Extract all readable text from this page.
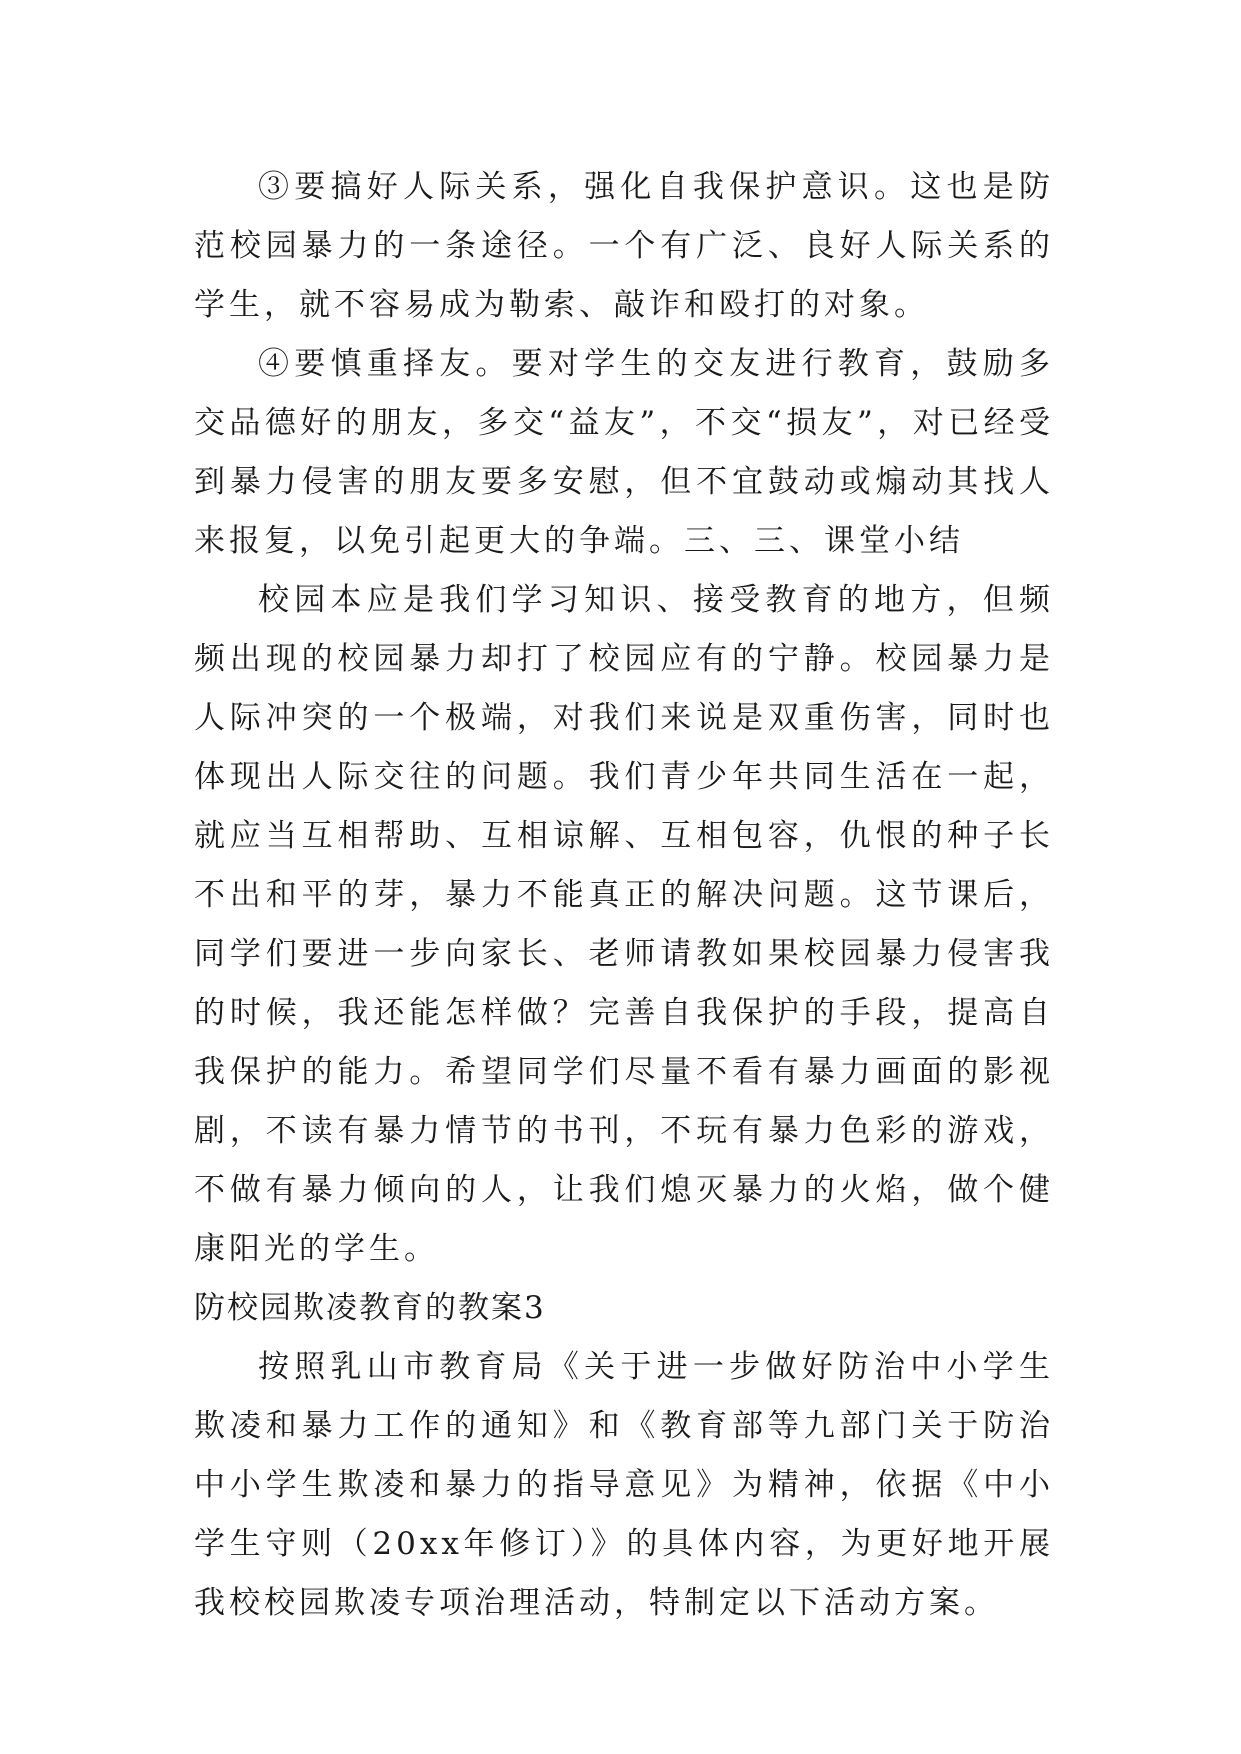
③要搞好人际关系，强化自我保护意识。这也是防范校园暴力的一条途径。一个有广泛、良好人际关系的学生，就不容易成为勒索、敲诈和殴打的对象。

④要慎重择友。要对学生的交友进行教育，鼓励多交品德好的朋友，多交“益友”，不交“损友”，对已经受到暴力侵害的朋友要多安慰，但不宜鼓动或煽动其找人来报复，以免引起更大的争端。三、三、课堂小结

校园本应是我们学习知识、接受教育的地方，但频频出现的校园暴力却打了校园应有的宁静。校园暴力是人际冲突的一个极端，对我们来说是双重伤害，同时也体现出人际交往的问题。我们青少年共同生活在一起，就应当互相帮助、互相谅解、互相包容，仇恨的种子长不出和平的芽，暴力不能真正的解决问题。这节课后，同学们要进一步向家长、老师请教如果校园暴力侵害我的时候，我还能怎样做？完善自我保护的手段，提高自我保护的能力。希望同学们尽量不看有暴力画面的影视剧，不读有暴力情节的书刊，不玩有暴力色彩的游戏，不做有暴力倾向的人，让我们熄灭暴力的火焰，做个健康阳光的学生。

防校园欺凌教育的教案3

按照乳山市教育局《关于进一步做好防治中小学生欺凌和暴力工作的通知》和《教育部等九部门关于防治中小学生欺凌和暴力的指导意见》为精神，依据《中小学生守则（20xx年修订）》的具体内容，为更好地开展我校校园欺凌专项治理活动，特制定以下活动方案。
